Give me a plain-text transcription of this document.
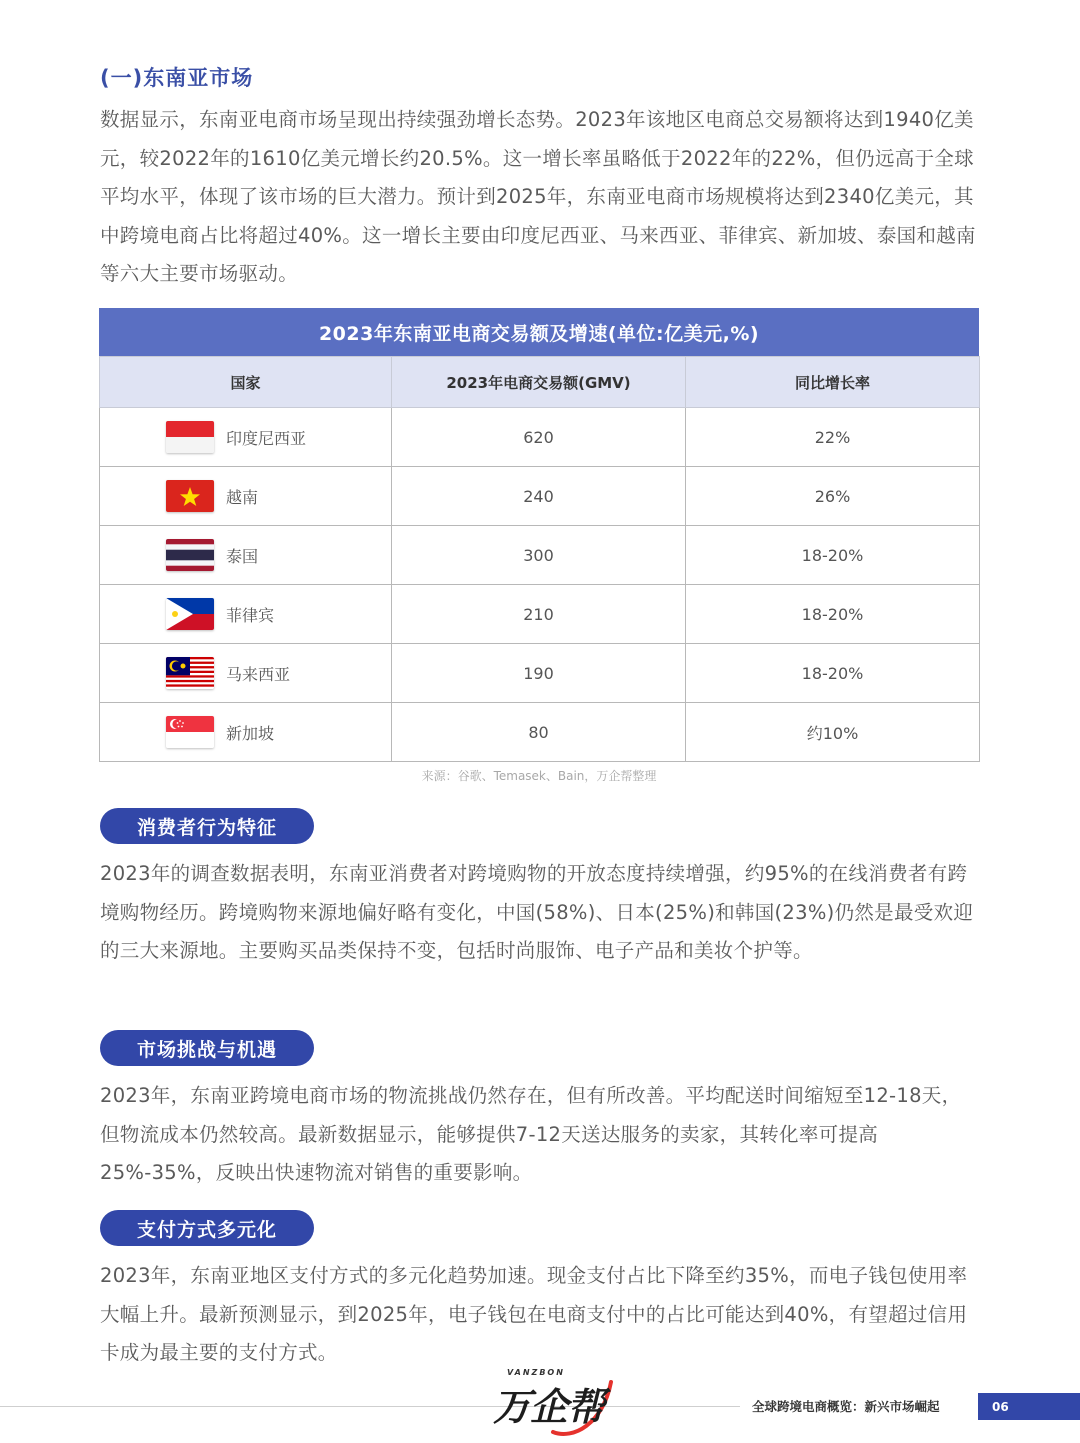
(一)东南亚市场

数据显示，东南亚电商市场呈现出持续强劲增长态势。2023年该地区电商总交易额将达到1940亿美元，较2022年的1610亿美元增长约20.5%。这一增长率虽略低于2022年的22%，但仍远高于全球平均水平，体现了该市场的巨大潜力。预计到2025年，东南亚电商市场规模将达到2340亿美元，其中跨境电商占比将超过40%。这一增长主要由印度尼西亚、马来西亚、菲律宾、新加坡、泰国和越南等六大主要市场驱动。

2023年东南亚电商交易额及增速(单位:亿美元,%)
国家	2023年电商交易额(GMV)	同比增长率

印度尼西亚	620	22%

越南	240	26%

泰国	300	18-20%

菲律宾	210	18-20%

马来西亚	190	18-20%

新加坡	80	约10%
来源：谷歌、Temasek、Bain，万企帮整理
消费者行为特征

2023年的调查数据表明，东南亚消费者对跨境购物的开放态度持续增强，约95%的在线消费者有跨境购物经历。跨境购物来源地偏好略有变化，中国(58%)、日本(25%)和韩国(23%)仍然是最受欢迎的三大来源地。主要购买品类保持不变，包括时尚服饰、电子产品和美妆个护等。

市场挑战与机遇

2023年，东南亚跨境电商市场的物流挑战仍然存在，但有所改善。平均配送时间缩短至12-18天，但物流成本仍然较高。最新数据显示，能够提供7-12天送达服务的卖家，其转化率可提高25%-35%，反映出快速物流对销售的重要影响。

支付方式多元化

2023年，东南亚地区支付方式的多元化趋势加速。现金支付占比下降至约35%，而电子钱包使用率大幅上升。最新预测显示，到2025年，电子钱包在电商支付中的占比可能达到40%，有望超过信用卡成为最主要的支付方式。

VANZBON
万企帮	全球跨境电商概览：新兴市场崛起	06
